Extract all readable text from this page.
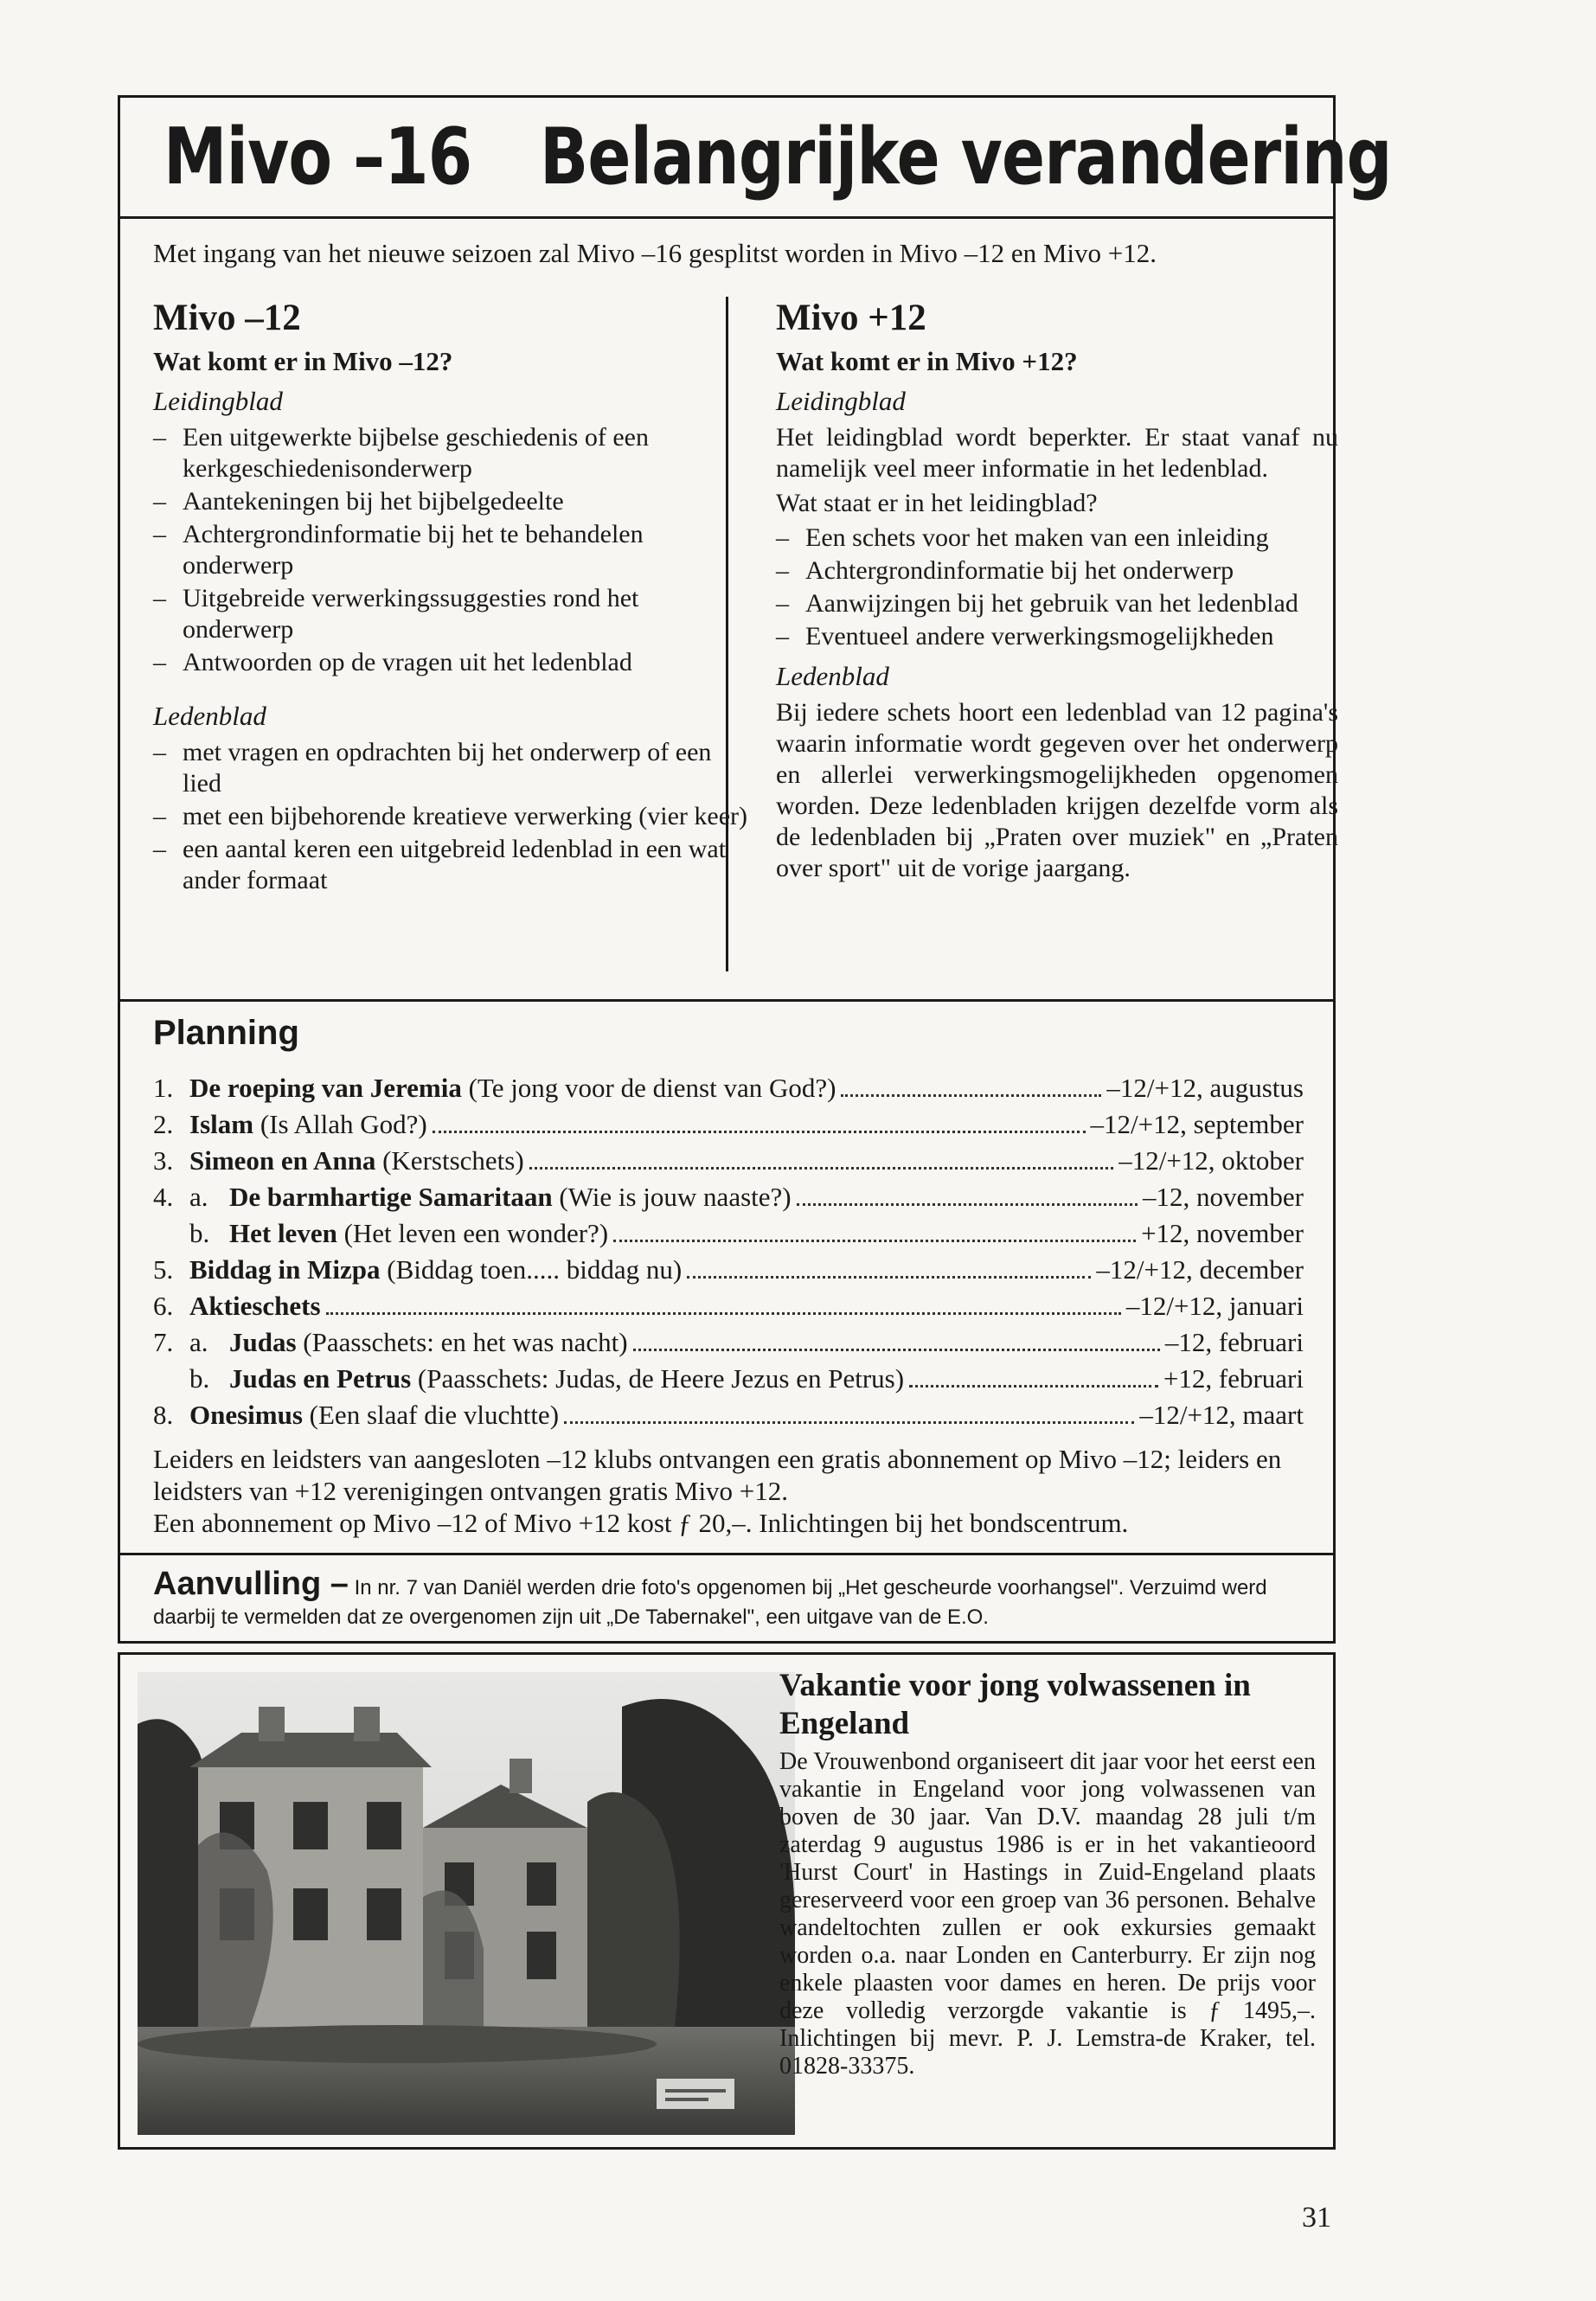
Mivo –16 Belangrijke verandering
Met ingang van het nieuwe seizoen zal Mivo –16 gesplitst worden in Mivo –12 en Mivo +12.
Mivo –12
Wat komt er in Mivo –12?
Leidingblad
– Een uitgewerkte bijbelse geschiedenis of een kerkgeschiedenisonderwerp
– Aantekeningen bij het bijbelgedeelte
– Achtergrondinformatie bij het te behandelen onderwerp
– Uitgebreide verwerkingssuggesties rond het onderwerp
– Antwoorden op de vragen uit het ledenblad
Ledenblad
– met vragen en opdrachten bij het onderwerp of een lied
– met een bijbehorende kreatieve verwerking (vier keer)
– een aantal keren een uitgebreid ledenblad in een wat ander formaat
Mivo +12
Wat komt er in Mivo +12?
Leidingblad

Het leidingblad wordt beperkter. Er staat vanaf nu namelijk veel meer informatie in het ledenblad.

Wat staat er in het leidingblad?

– Een schets voor het maken van een inleiding
– Achtergrondinformatie bij het onderwerp
– Aanwijzingen bij het gebruik van het ledenblad
– Eventueel andere verwerkingsmogelijkheden
Ledenblad

Bij iedere schets hoort een ledenblad van 12 pagina's waarin informatie wordt gegeven over het onderwerp en allerlei verwerkingsmogelijkheden opgenomen worden. Deze ledenbladen krijgen dezelfde vorm als de ledenbladen bij „Praten over muziek" en „Praten over sport" uit de vorige jaargang.

Planning
1. De roeping van Jeremia (Te jong voor de dienst van God?)	–12/+12, augustus
2. Islam (Is Allah God?)	–12/+12, september
3. Simeon en Anna (Kerstschets)	–12/+12, oktober
4. a. De barmhartige Samaritaan (Wie is jouw naaste?)	–12, november
b. Het leven (Het leven een wonder?)	+12, november
5. Biddag in Mizpa (Biddag toen..... biddag nu)	–12/+12, december
6. Aktieschets	–12/+12, januari
7. a. Judas (Paasschets: en het was nacht)	–12, februari
b. Judas en Petrus (Paasschets: Judas, de Heere Jezus en Petrus)	+12, februari
8. Onesimus (Een slaaf die vluchtte)	–12/+12, maart
Leiders en leidsters van aangesloten –12 klubs ontvangen een gratis abonnement op Mivo –12; leiders en leidsters van +12 verenigingen ontvangen gratis Mivo +12.
Een abonnement op Mivo –12 of Mivo +12 kost ƒ 20,–. Inlichtingen bij het bondscentrum.
Aanvulling – In nr. 7 van Daniël werden drie foto's opgenomen bij „Het gescheurde voorhangsel". Verzuimd werd daarbij te vermelden dat ze overgenomen zijn uit „De Tabernakel", een uitgave van de E.O.
Vakantie voor jong volwassenen in Engeland
De Vrouwenbond organiseert dit jaar voor het eerst een vakantie in Engeland voor jong volwassenen van boven de 30 jaar. Van D.V. maandag 28 juli t/m zaterdag 9 augustus 1986 is er in het vakantieoord 'Hurst Court' in Hastings in Zuid-Engeland plaats gereserveerd voor een groep van 36 personen. Behalve wandeltochten zullen er ook exkursies gemaakt worden o.a. naar Londen en Canterburry. Er zijn nog enkele plaasten voor dames en heren. De prijs voor deze volledig verzorgde vakantie is ƒ 1495,–. Inlichtingen bij mevr. P. J. Lemstra-de Kraker, tel. 01828-33375.
31
